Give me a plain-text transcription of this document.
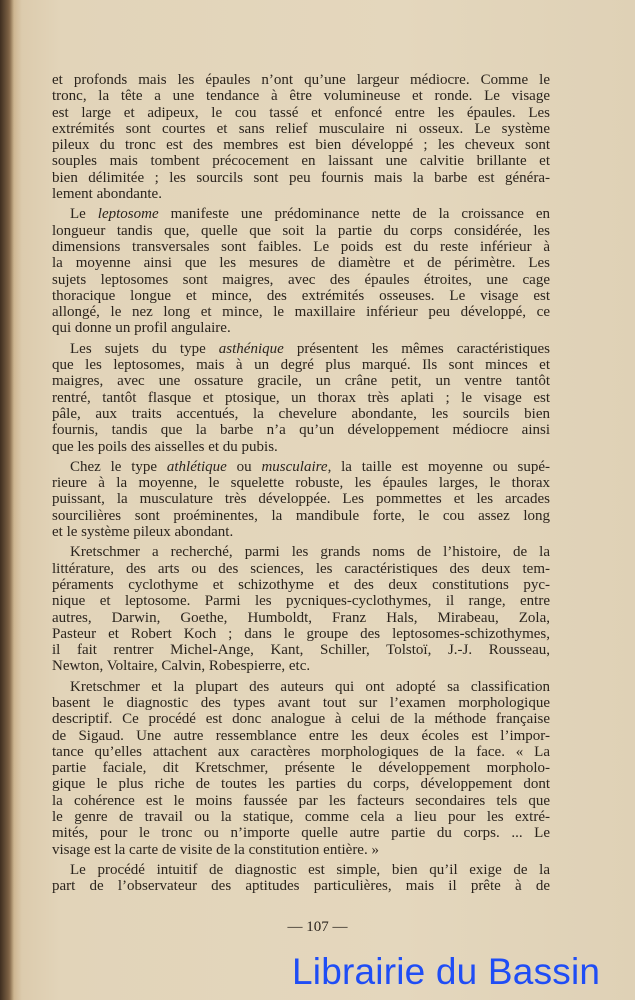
et profonds mais les épaules n’ont qu’une largeur médiocre. Comme le
tronc, la tête a une tendance à être volumineuse et ronde. Le visage
est large et adipeux, le cou tassé et enfoncé entre les épaules. Les
extrémités sont courtes et sans relief musculaire ni osseux. Le système
pileux du tronc est des membres est bien développé ; les cheveux sont
souples mais tombent précocement en laissant une calvitie brillante et
bien délimitée ; les sourcils sont peu fournis mais la barbe est généra-
lement abondante.
Le leptosome manifeste une prédominance nette de la croissance en
longueur tandis que, quelle que soit la partie du corps considérée, les
dimensions transversales sont faibles. Le poids est du reste inférieur à
la moyenne ainsi que les mesures de diamètre et de périmètre. Les
sujets leptosomes sont maigres, avec des épaules étroites, une cage
thoracique longue et mince, des extrémités osseuses. Le visage est
allongé, le nez long et mince, le maxillaire inférieur peu développé, ce
qui donne un profil angulaire.
Les sujets du type asthénique présentent les mêmes caractéristiques
que les leptosomes, mais à un degré plus marqué. Ils sont minces et
maigres, avec une ossature gracile, un crâne petit, un ventre tantôt
rentré, tantôt flasque et ptosique, un thorax très aplati ; le visage est
pâle, aux traits accentués, la chevelure abondante, les sourcils bien
fournis, tandis que la barbe n’a qu’un développement médiocre ainsi
que les poils des aisselles et du pubis.
Chez le type athlétique ou musculaire, la taille est moyenne ou supé-
rieure à la moyenne, le squelette robuste, les épaules larges, le thorax
puissant, la musculature très développée. Les pommettes et les arcades
sourcilières sont proéminentes, la mandibule forte, le cou assez long
et le système pileux abondant.
Kretschmer a recherché, parmi les grands noms de l’histoire, de la
littérature, des arts ou des sciences, les caractéristiques des deux tem-
péraments cyclothyme et schizothyme et des deux constitutions pyc-
nique et leptosome. Parmi les pycniques-cyclothymes, il range, entre
autres, Darwin, Goethe, Humboldt, Franz Hals, Mirabeau, Zola,
Pasteur et Robert Koch ; dans le groupe des leptosomes-schizothymes,
il fait rentrer Michel-Ange, Kant, Schiller, Tolstoï, J.-J. Rousseau,
Newton, Voltaire, Calvin, Robespierre, etc.
Kretschmer et la plupart des auteurs qui ont adopté sa classification
basent le diagnostic des types avant tout sur l’examen morphologique
descriptif. Ce procédé est donc analogue à celui de la méthode française
de Sigaud. Une autre ressemblance entre les deux écoles est l’impor-
tance qu’elles attachent aux caractères morphologiques de la face. « La
partie faciale, dit Kretschmer, présente le développement morpholo-
gique le plus riche de toutes les parties du corps, développement dont
la cohérence est le moins faussée par les facteurs secondaires tels que
le genre de travail ou la statique, comme cela a lieu pour les extré-
mités, pour le tronc ou n’importe quelle autre partie du corps. ... Le
visage est la carte de visite de la constitution entière. »
Le procédé intuitif de diagnostic est simple, bien qu’il exige de la
part de l’observateur des aptitudes particulières, mais il prête à de
— 107 —
Librairie du Bassin
